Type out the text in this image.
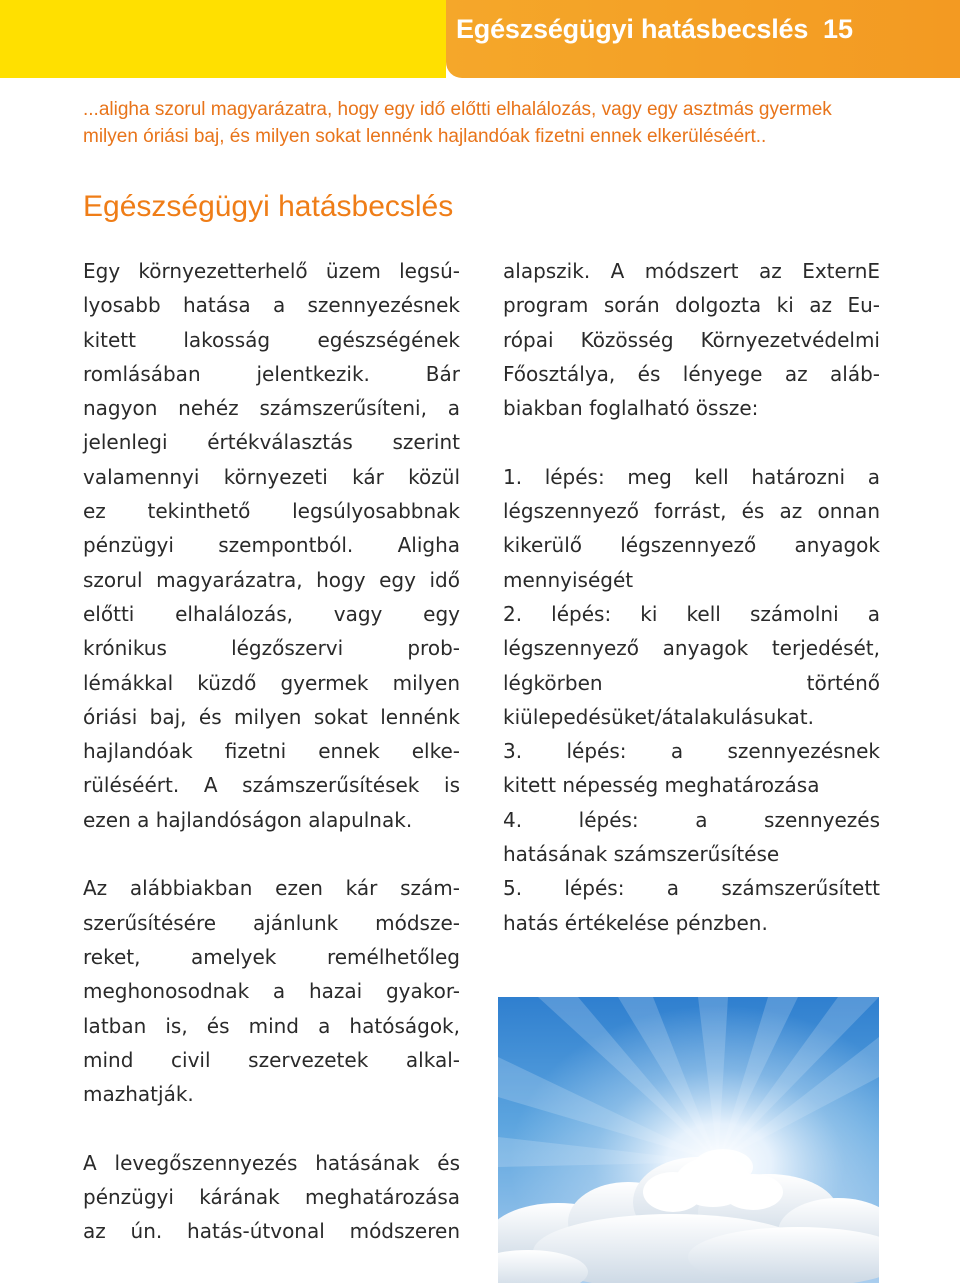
Egészségügyi hatásbecslés 15
...aligha szorul magyarázatra, hogy egy idő előtti elhalálozás, vagy egy asztmás gyermek
milyen óriási baj, és milyen sokat lennénk hajlandóak fizetni ennek elkerüléséért..
Egészségügyi hatásbecslés

Egy környezetterhelő üzem legsú-
lyosabb hatása a szennyezésnek
kitett lakosság egészségének
romlásában jelentkezik. Bár
nagyon nehéz számszerűsíteni, a
jelenlegi értékválasztás szerint
valamennyi környezeti kár közül
ez tekinthető legsúlyosabbnak
pénzügyi szempontból. Aligha
szorul magyarázatra, hogy egy idő
előtti elhalálozás, vagy egy
krónikus légzőszervi prob-
lémákkal küzdő gyermek milyen
óriási baj, és milyen sokat lennénk
hajlandóak fizetni ennek elke-
rüléséért. A számszerűsítések is
ezen a hajlandóságon alapulnak.

Az alábbiakban ezen kár szám-
szerűsítésére ajánlunk módsze-
reket, amelyek remélhetőleg
meghonosodnak a hazai gyakor-
latban is, és mind a hatóságok,
mind civil szervezetek alkal-
mazhatják.

A levegőszennyezés hatásának és
pénzügyi kárának meghatározása
az ún. hatás-útvonal módszeren

alapszik. A módszert az ExternE
program során dolgozta ki az Eu-
rópai Közösség Környezetvédelmi
Főosztálya, és lényege az aláb-
biakban foglalható össze:

1. lépés: meg kell határozni a
légszennyező forrást, és az onnan
kikerülő légszennyező anyagok
mennyiségét

2. lépés: ki kell számolni a
légszennyező anyagok terjedését,
légkörben történő
kiülepedésüket/átalakulásukat.

3. lépés: a szennyezésnek
kitett népesség meghatározása

4. lépés: a szennyezés
hatásának számszerűsítése

5. lépés: a számszerűsített
hatás értékelése pénzben.
